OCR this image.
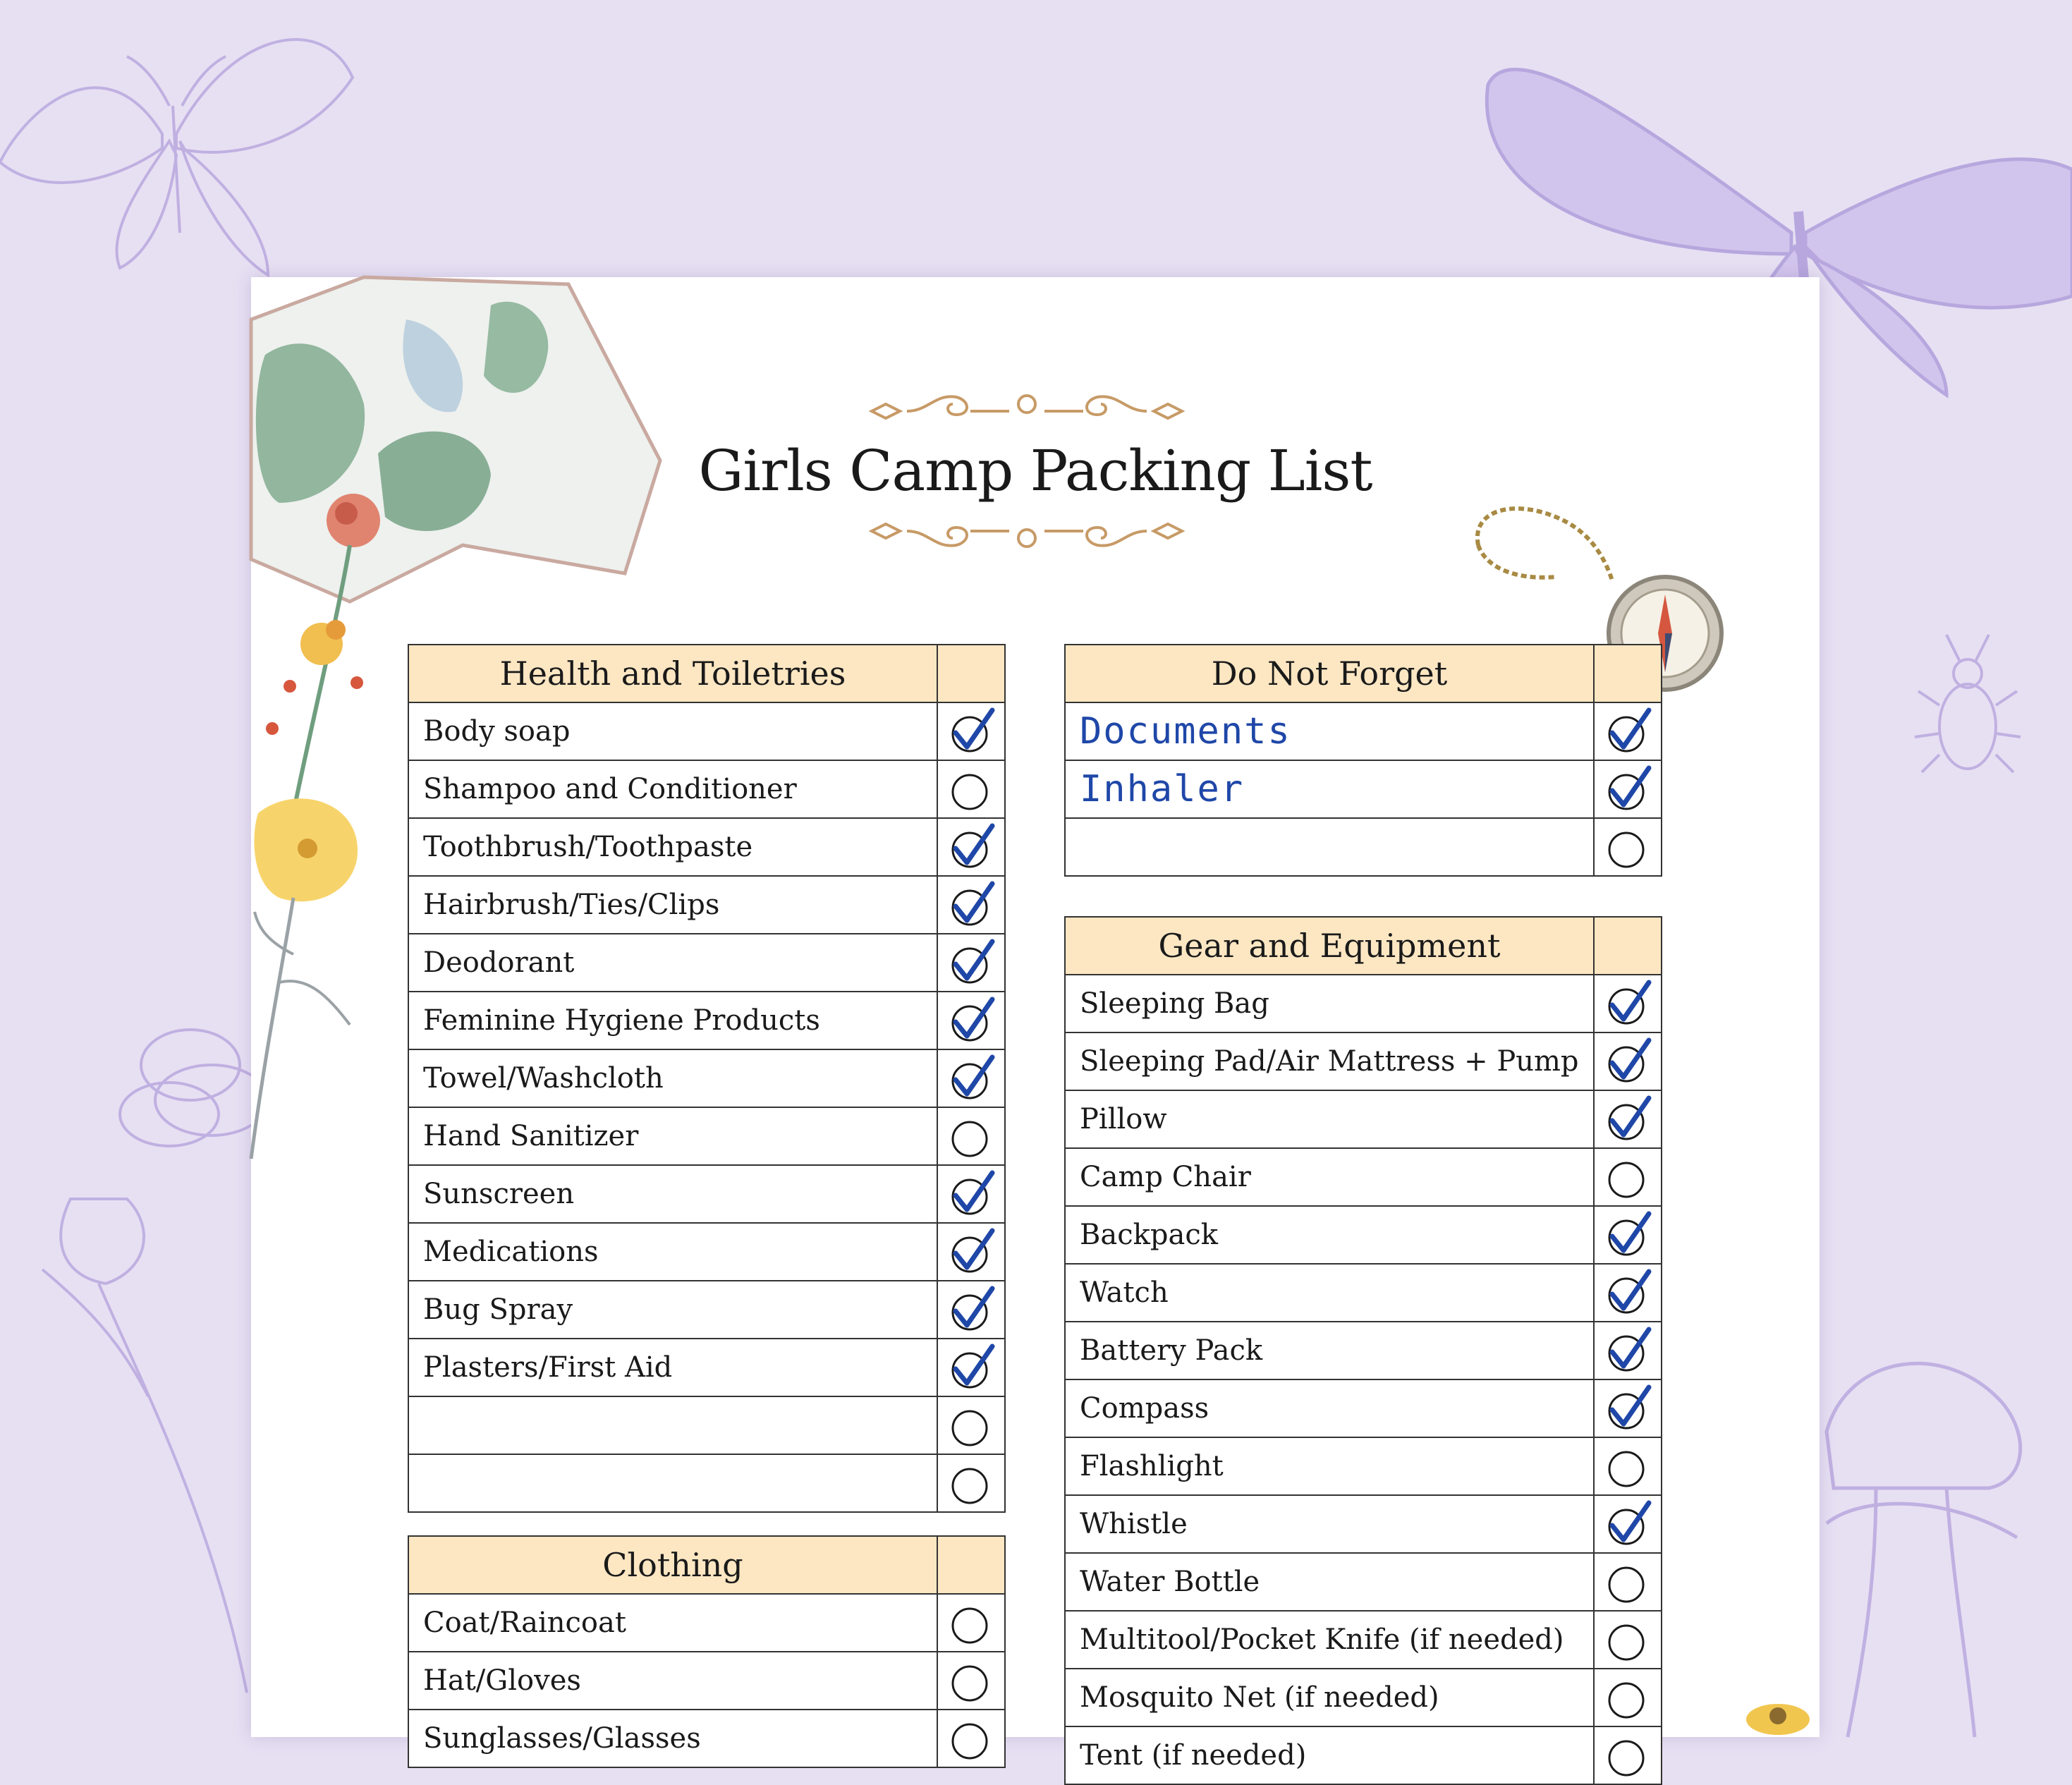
Girls Camp Packing List
Health and Toiletries	
Body soap	

Shampoo and Conditioner	

Toothbrush/Toothpaste	

Hairbrush/Ties/Clips	

Deodorant	

Feminine Hygiene Products	

Towel/Washcloth	

Hand Sanitizer	

Sunscreen	

Medications	

Bug Spray	

Plasters/First Aid	

Clothing	
Coat/Raincoat	

Hat/Gloves	

Sunglasses/Glasses	
Do Not Forget	
Documents	

Inhaler	

Gear and Equipment	
Sleeping Bag	

Sleeping Pad/Air Mattress + Pump	

Pillow	

Camp Chair	

Backpack	

Watch	

Battery Pack	

Compass	

Flashlight	

Whistle	

Water Bottle	

Multitool/Pocket Knife (if needed)	

Mosquito Net (if needed)	

Tent (if needed)	
